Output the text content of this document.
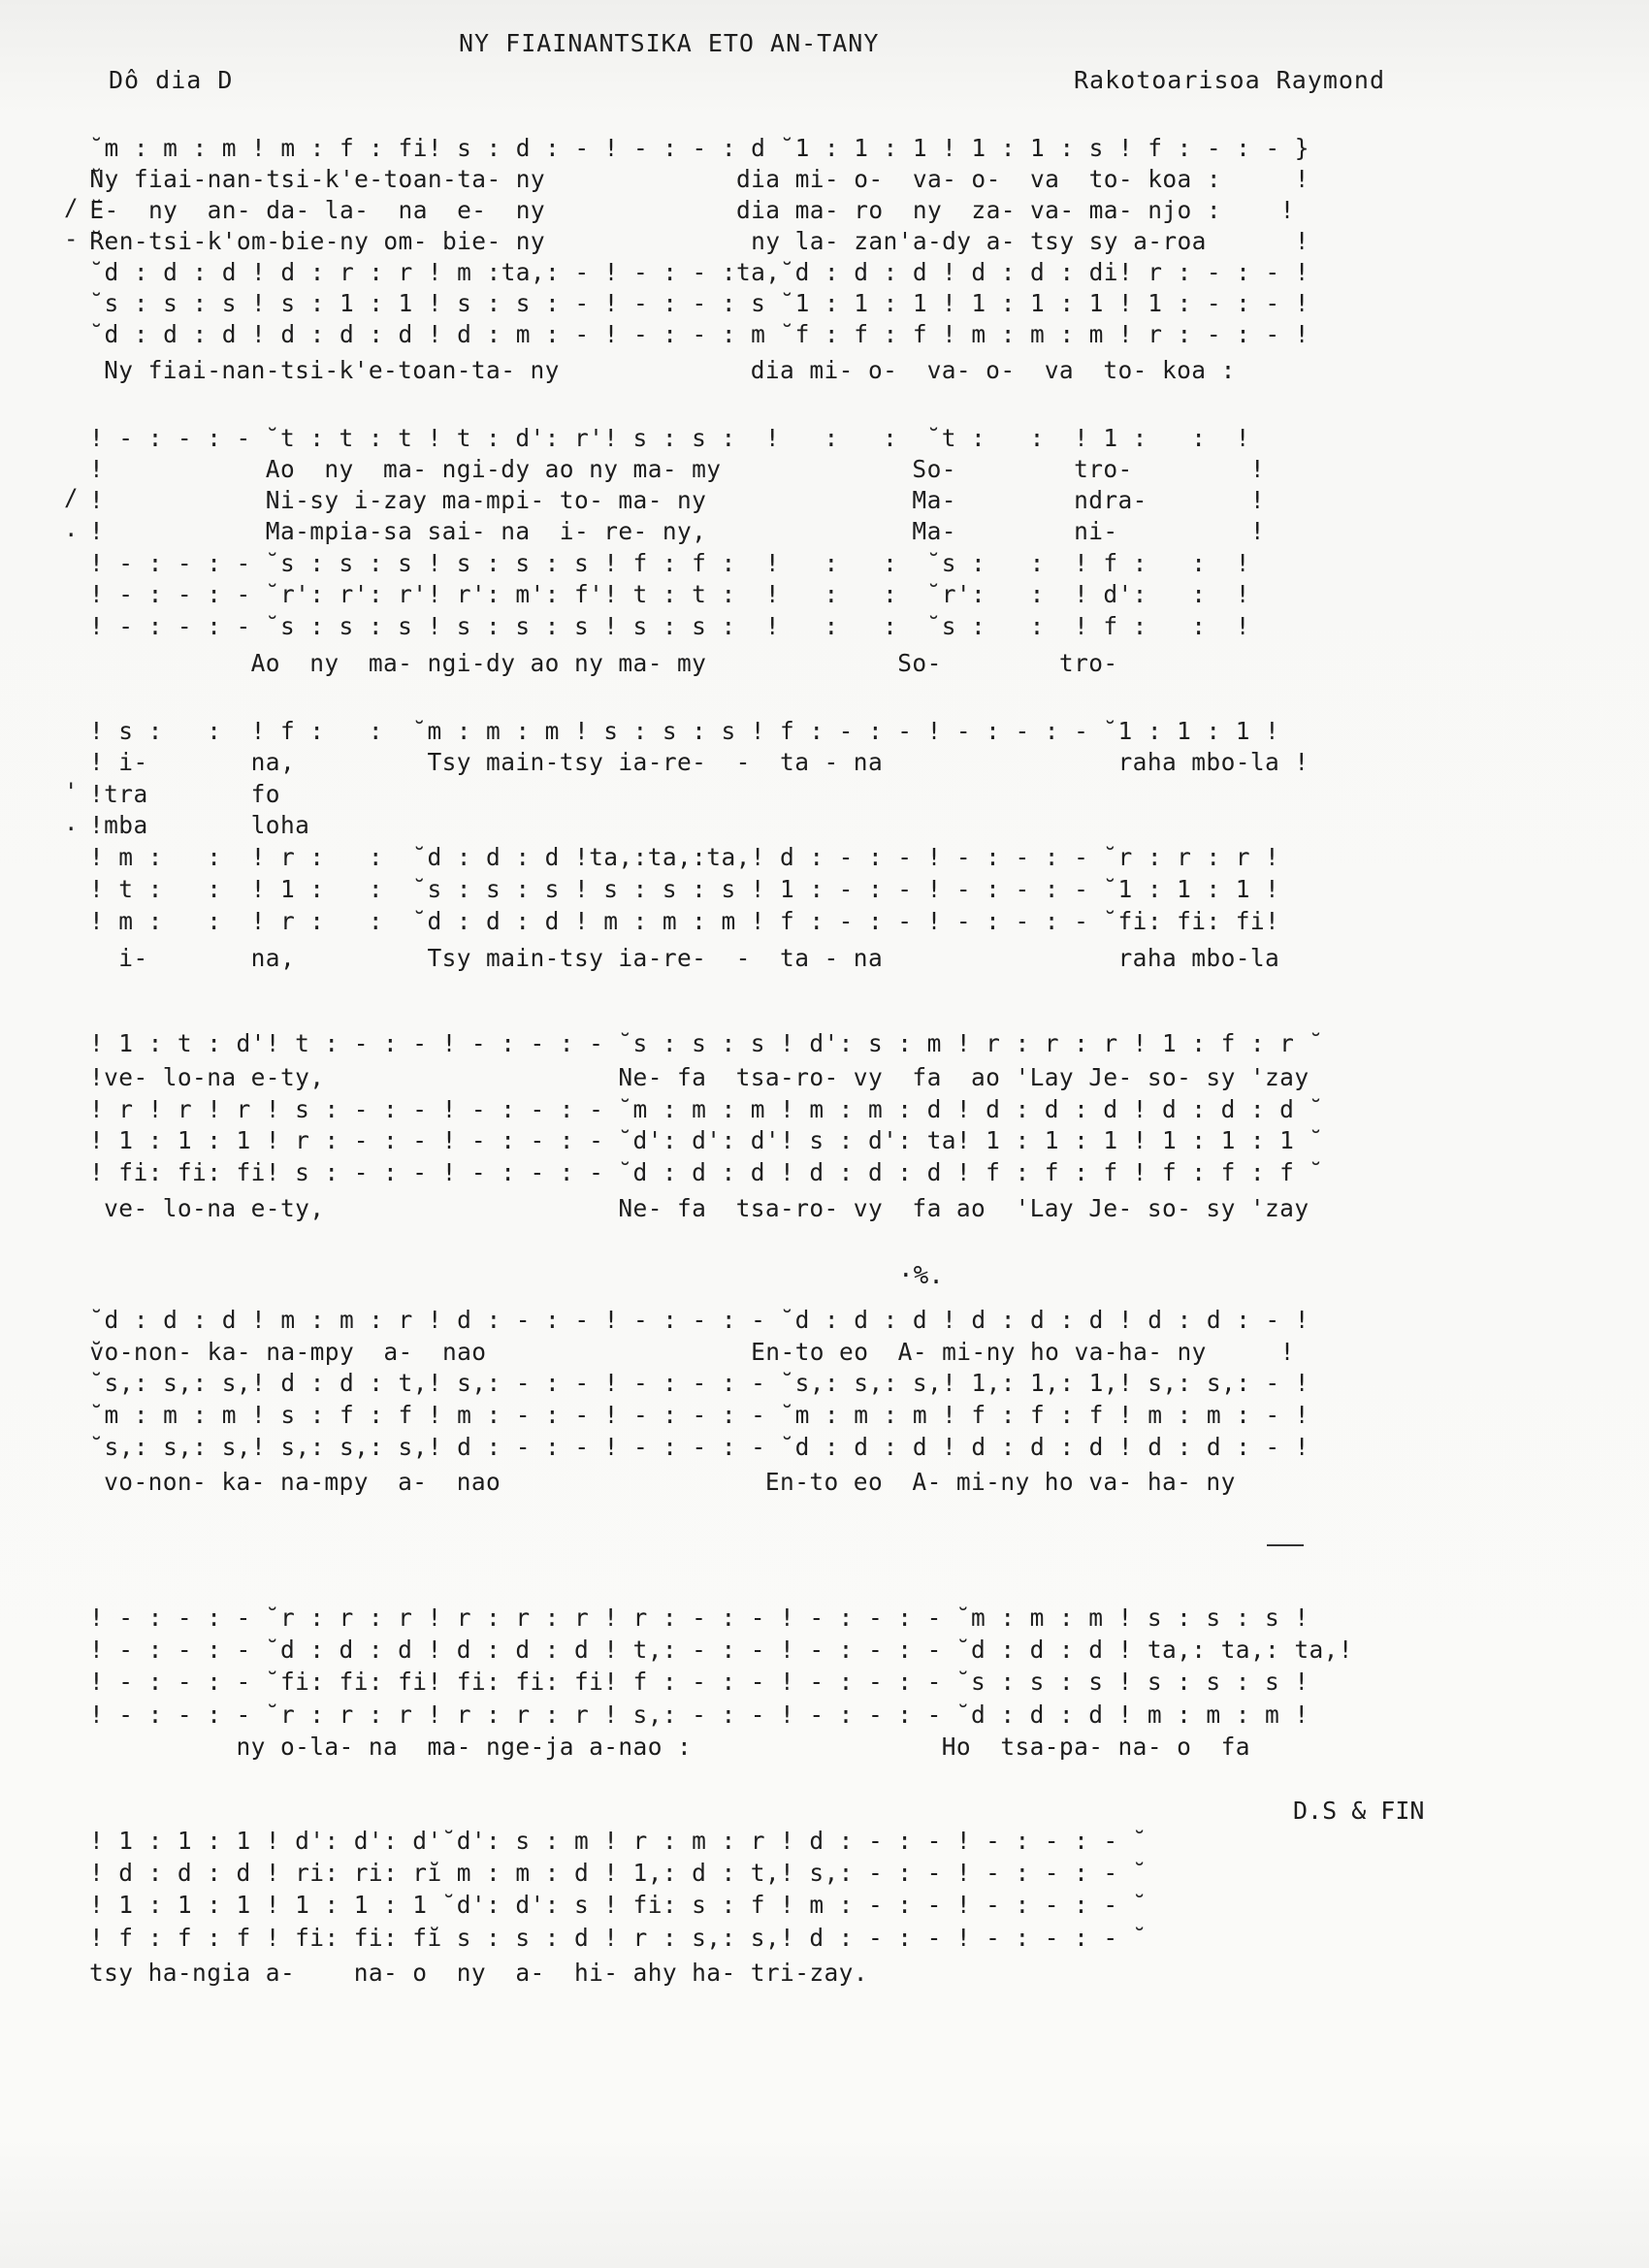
NY FIAINANTSIKA ETO AN-TANY
Dô dia D	Rakotoarisoa Raymond
̆ m : m : m ! m : f : fi! s : d : - ! - : - : d ̆ 1 : 1 : 1 ! 1 : 1 : s ! f : - : - }
̆Ny fiai-nan-tsi-k'e-toan-ta- ny             dia mi- o-  va- o-  va  to- koa :     !
̆E-  ny  an- da- la-  na  e-  ny             dia ma- ro  ny  za- va- ma- njo :    !
̆Ren-tsi-k'om-bie-ny om- bie- ny              ny la- zan'a-dy a- tsy sy a-roa      !
̆ d : d : d ! d : r : r ! m :ta,: - ! - : - :ta,̆ d : d : d ! d : d : di! r : - : - !
̆ s : s : s ! s : 1 : 1 ! s : s : - ! - : - : s ̆ 1 : 1 : 1 ! 1 : 1 : 1 ! 1 : - : - !
̆ d : d : d ! d : d : d ! d : m : - ! - : - : m ̆ f : f : f ! m : m : m ! r : - : - !
Ny fiai-nan-tsi-k'e-toan-ta- ny             dia mi- o-  va- o-  va  to- koa :
! - : - : - ̆ t : t : t ! t : d': r'! s : s :  !   :   :  ̆ t :   :  ! 1 :   :  !
!           Ao  ny  ma- ngi-dy ao ny ma- my             So-        tro-        !
!           Ni-sy i-zay ma-mpi- to- ma- ny              Ma-        ndra-       !
!           Ma-mpia-sa sai- na  i- re- ny,              Ma-        ni-         !
! - : - : - ̆ s : s : s ! s : s : s ! f : f :  !   :   :  ̆ s :   :  ! f :   :  !
! - : - : - ̆ r': r': r'! r': m': f'! t : t :  !   :   :  ̆ r':   :  ! d':   :  !
! - : - : - ̆ s : s : s ! s : s : s ! s : s :  !   :   :  ̆ s :   :  ! f :   :  !
Ao  ny  ma- ngi-dy ao ny ma- my             So-        tro-
! s :   :  ! f :   :  ̆ m : m : m ! s : s : s ! f : - : - ! - : - : - ̆ 1 : 1 : 1 !
! i-       na,         Tsy main-tsy ia-re-  -  ta - na                raha mbo-la !
!tra       fo
!mba       loha
! m :   :  ! r :   :  ̆ d : d : d !ta,:ta,:ta,! d : - : - ! - : - : - ̆ r : r : r !
! t :   :  ! 1 :   :  ̆ s : s : s ! s : s : s ! 1 : - : - ! - : - : - ̆ 1 : 1 : 1 !
! m :   :  ! r :   :  ̆ d : d : d ! m : m : m ! f : - : - ! - : - : - ̆ fi: fi: fi!
i-       na,         Tsy main-tsy ia-re-  -  ta - na                raha mbo-la
! 1 : t : d'! t : - : - ! - : - : - ̆ s : s : s ! d': s : m ! r : r : r ! 1 : f : r ̆
!ve- lo-na e-ty,                    Ne- fa  tsa-ro- vy  fa  ao 'Lay Je- so- sy 'zay
! r ! r ! r ! s : - : - ! - : - : - ̆ m : m : m ! m : m : d ! d : d : d ! d : d : d ̆
! 1 : 1 : 1 ! r : - : - ! - : - : - ̆ d': d': d'! s : d': ta! 1 : 1 : 1 ! 1 : 1 : 1 ̆
! fi: fi: fi! s : - : - ! - : - : - ̆ d : d : d ! d : d : d ! f : f : f ! f : f : f ̆
ve- lo-na e-ty,                    Ne- fa  tsa-ro- vy  fa ao  'Lay Je- so- sy 'zay
·%.
̆ d : d : d ! m : m : r ! d : - : - ! - : - : - ̆ d : d : d ! d : d : d ! d : d : - !
̆vo-non- ka- na-mpy  a-  nao                  En-to eo  A- mi-ny ho va-ha- ny     !
̆ s,: s,: s,! d : d : t,! s,: - : - ! - : - : - ̆ s,: s,: s,! 1,: 1,: 1,! s,: s,: - !
̆ m : m : m ! s : f : f ! m : - : - ! - : - : - ̆ m : m : m ! f : f : f ! m : m : - !
̆ s,: s,: s,! s,: s,: s,! d : - : - ! - : - : - ̆ d : d : d ! d : d : d ! d : d : - !
vo-non- ka- na-mpy  a-  nao                  En-to eo  A- mi-ny ho va- ha- ny
! - : - : - ̆ r : r : r ! r : r : r ! r : - : - ! - : - : - ̆ m : m : m ! s : s : s !
! - : - : - ̆ d : d : d ! d : d : d ! t,: - : - ! - : - : - ̆ d : d : d ! ta,: ta,: ta,!
! - : - : - ̆ fi: fi: fi! fi: fi: fi! f : - : - ! - : - : - ̆ s : s : s ! s : s : s !
! - : - : - ̆ r : r : r ! r : r : r ! s,: - : - ! - : - : - ̆ d : d : d ! m : m : m !
ny o-la- na  ma- nge-ja a-nao :                 Ho  tsa-pa- na- o  fa
D.S & FIN
! 1 : 1 : 1 ! d': d': d'̆ d': s : m ! r : m : r ! d : - : - ! - : - : - ̆
! d : d : d ! ri: ri: rĭ m : m : d ! 1,: d : t,! s,: - : - ! - : - : - ̆
! 1 : 1 : 1 ! 1 : 1 : 1 ̆ d': d': s ! fi: s : f ! m : - : - ! - : - : - ̆
! f : f : f ! fi: fi: fĭ s : s : d ! r : s,: s,! d : - : - ! - : - : - ̆
tsy ha-ngia a-    na- o  ny  a-  hi- ahy ha- tri-zay.
/
-
/
.
'
.
